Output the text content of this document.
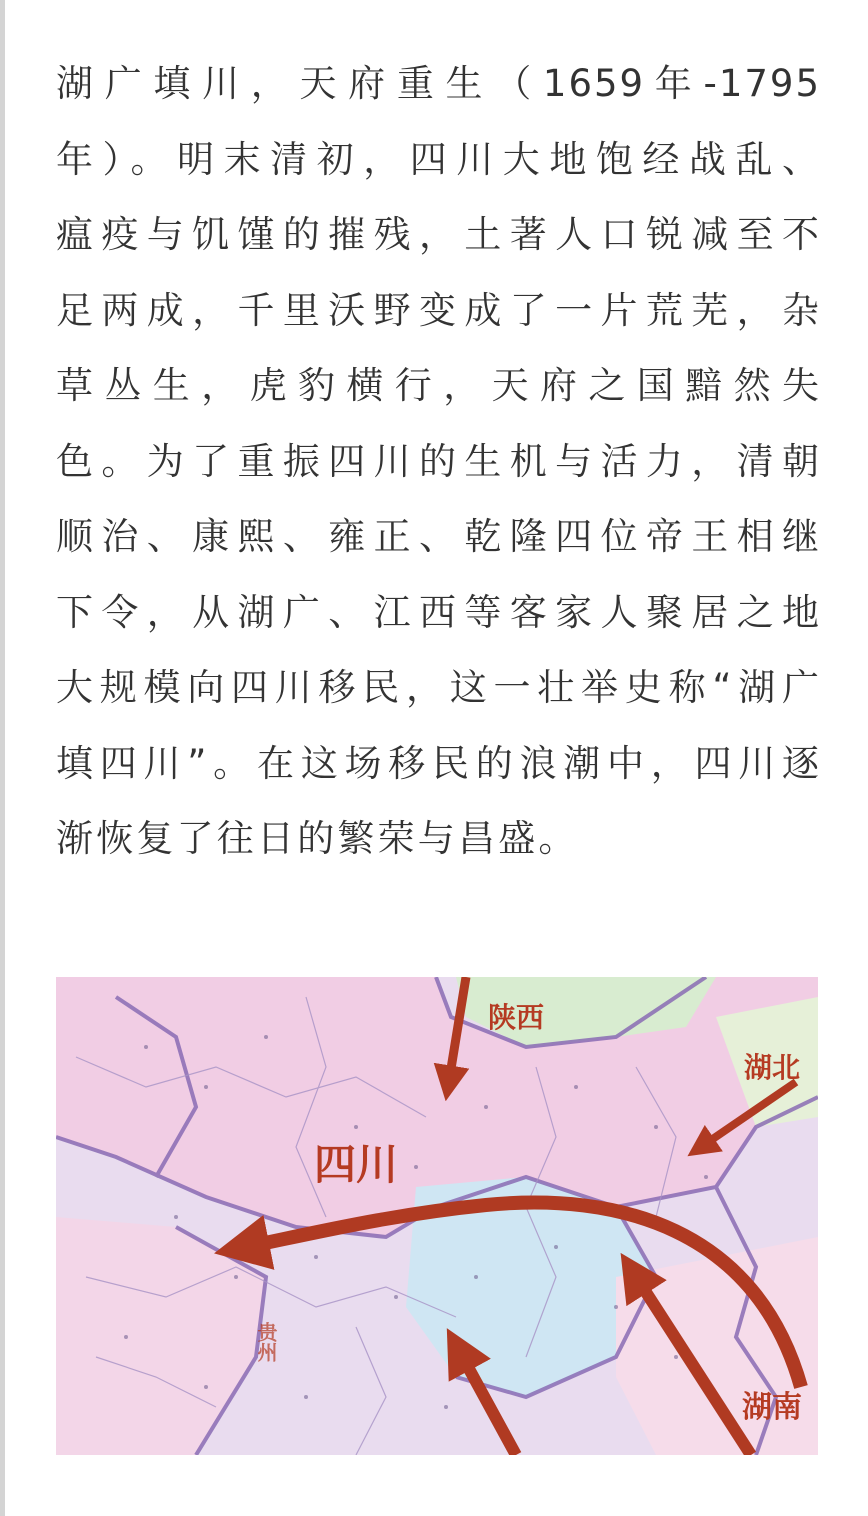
湖广填川，天府重生（1659年-1795
年）。明末清初，四川大地饱经战乱、
瘟疫与饥馑的摧残，土著人口锐减至不
足两成，千里沃野变成了一片荒芜，杂
草丛生，虎豹横行，天府之国黯然失
色。为了重振四川的生机与活力，清朝
顺治、康熙、雍正、乾隆四位帝王相继
下令，从湖广、江西等客家人聚居之地
大规模向四川移民，这一壮举史称“湖广
填四川”。在这场移民的浪潮中，四川逐
渐恢复了往日的繁荣与昌盛。
四川
陕西
湖北
湖南
贵州
